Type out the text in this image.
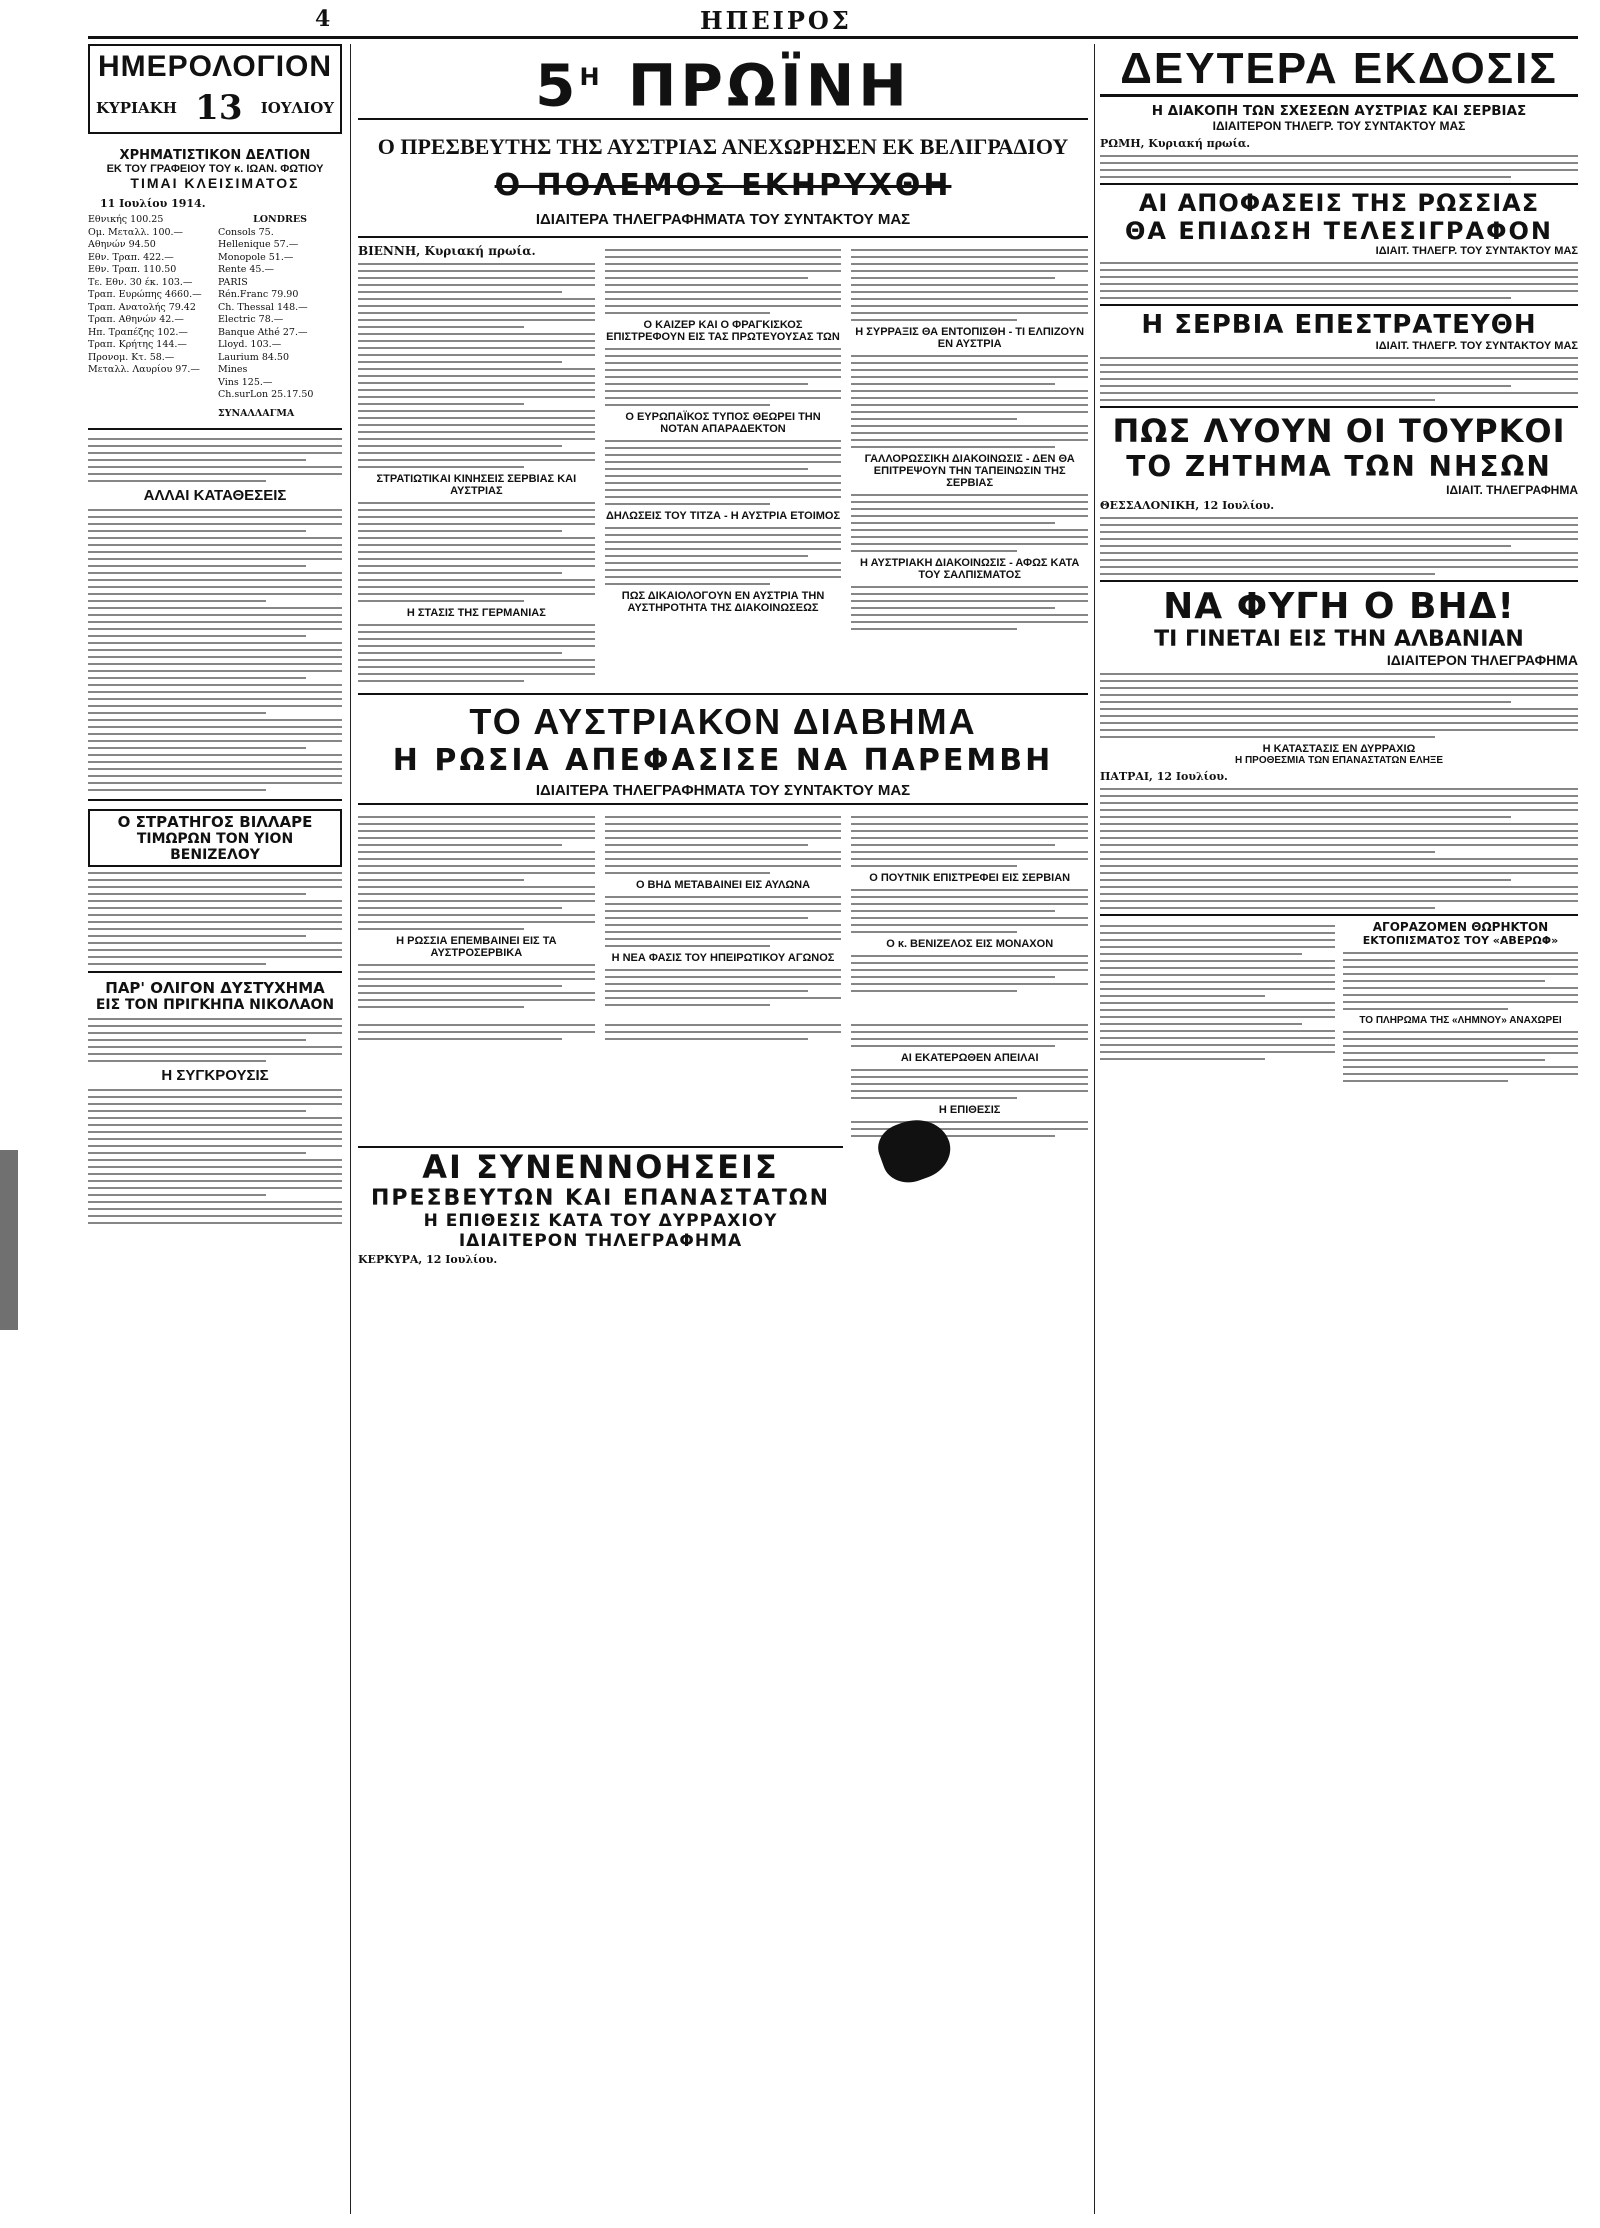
4	ΗΠΕΙΡΟΣ
ΗΜΕΡΟΛΟΓΙΟΝ
ΚΥΡΙΑΚΗ 13 ΙΟΥΛΙΟΥ
ΧΡΗΜΑΤΙΣΤΙΚΟΝ ΔΕΛΤΙΟΝ
ΕΚ ΤΟΥ ΓΡΑΦΕΙΟΥ ΤΟΥ κ. ΙΩΑΝ. ΦΩΤΙΟΥ
ΤΙΜΑΙ ΚΛΕΙΣΙΜΑΤΟΣ
11 Ιουλίου 1914.
Εθνικής 100.25
Ομ. Μεταλλ. 100.—
Αθηνών 94.50
Εθν. Τραπ. 422.—
Εθν. Τραπ. 110.50
Τε. Εθν. 30 έκ. 103.—
Τραπ. Ευρώπης 4660.—
Τραπ. Ανατολής 79.42
Τραπ. Αθηνών 42.—
Ηπ. Τραπέζης 102.—
Τραπ. Κρήτης 144.—
Προνομ. Κτ. 58.—
Μεταλλ. Λαυρίου 97.—
LONDRES
Consols 75.
Hellenique 57.—
Monopole 51.—
Rente 45.—
PARIS
Rén.Franc 79.90
Ch. Thessal 148.—
Electric 78.—
Banque Athé 27.—
Lloyd. 103.—
Laurium 84.50
Mines
Vins 125.—
Ch.surLon 25.17.50
ΣΥΝΑΛΛΑΓΜΑ
ΑΛΛΑΙ ΚΑΤΑΘΕΣΕΙΣ
Ο ΣΤΡΑΤΗΓΟΣ ΒΙΛΛΑΡΕ
ΤΙΜΩΡΩΝ ΤΟΝ ΥΙΟΝ ΒΕΝΙΖΕΛΟΥ
ΠΑΡ' ΟΛΙΓΟΝ ΔΥΣΤΥΧΗΜΑ
ΕΙΣ ΤΟΝ ΠΡΙΓΚΗΠΑ ΝΙΚΟΛΑΟΝ
Η ΣΥΓΚΡΟΥΣΙΣ
$5^H$ ΠΡΩΪΝΗ
Ο ΠΡΕΣΒΕΥΤΗΣ ΤΗΣ ΑΥΣΤΡΙΑΣ ΑΝΕΧΩΡΗΣΕΝ ΕΚ ΒΕΛΙΓΡΑΔΙΟΥ
Ο ΠΟΛΕΜΟΣ ΕΚΗΡΥΧΘΗ
ΙΔΙΑΙΤΕΡΑ ΤΗΛΕΓΡΑΦΗΜΑΤΑ ΤΟΥ ΣΥΝΤΑΚΤΟΥ ΜΑΣ
ΒΙΕΝΝΗ, Κυριακή πρωία.
ΣΤΡΑΤΙΩΤΙΚΑΙ ΚΙΝΗΣΕΙΣ ΣΕΡΒΙΑΣ ΚΑΙ ΑΥΣΤΡΙΑΣ
Η ΣΤΑΣΙΣ ΤΗΣ ΓΕΡΜΑΝΙΑΣ
Ο ΚΑΙΖΕΡ ΚΑΙ Ο ΦΡΑΓΚΙΣΚΟΣ ΕΠΙΣΤΡΕΦΟΥΝ ΕΙΣ ΤΑΣ ΠΡΩΤΕΥΟΥΣΑΣ ΤΩΝ
Ο ΕΥΡΩΠΑΪΚΟΣ ΤΥΠΟΣ ΘΕΩΡΕΙ ΤΗΝ ΝΟΤΑΝ ΑΠΑΡΑΔΕΚΤΟΝ
ΔΗΛΩΣΕΙΣ ΤΟΥ ΤΙΤΖΑ - Η ΑΥΣΤΡΙΑ ΕΤΟΙΜΟΣ
ΠΩΣ ΔΙΚΑΙΟΛΟΓΟΥΝ ΕΝ ΑΥΣΤΡΙΑ ΤΗΝ ΑΥΣΤΗΡΟΤΗΤΑ ΤΗΣ ΔΙΑΚΟΙΝΩΣΕΩΣ
Η ΣΥΡΡΑΞΙΣ ΘΑ ΕΝΤΟΠΙΣΘΗ - ΤΙ ΕΛΠΙΖΟΥΝ ΕΝ ΑΥΣΤΡΙΑ
ΓΑΛΛΟΡΩΣΣΙΚΗ ΔΙΑΚΟΙΝΩΣΙΣ - ΔΕΝ ΘΑ ΕΠΙΤΡΕΨΟΥΝ ΤΗΝ ΤΑΠΕΙΝΩΣΙΝ ΤΗΣ ΣΕΡΒΙΑΣ
Η ΑΥΣΤΡΙΑΚΗ ΔΙΑΚΟΙΝΩΣΙΣ - ΑΦΩΣ ΚΑΤΑ ΤΟΥ ΣΑΛΠΙΣΜΑΤΟΣ
ΤΟ ΑΥΣΤΡΙΑΚΟΝ ΔΙΑΒΗΜΑ
Η ΡΩΣΙΑ ΑΠΕΦΑΣΙΣΕ ΝΑ ΠΑΡΕΜΒΗ
ΙΔΙΑΙΤΕΡΑ ΤΗΛΕΓΡΑΦΗΜΑΤΑ ΤΟΥ ΣΥΝΤΑΚΤΟΥ ΜΑΣ
Η ΡΩΣΣΙΑ ΕΠΕΜΒΑΙΝΕΙ ΕΙΣ ΤΑ ΑΥΣΤΡΟΣΕΡΒΙΚΑ
Ο ΒΗΔ ΜΕΤΑΒΑΙΝΕΙ ΕΙΣ ΑΥΛΩΝΑ
Η ΝΕΑ ΦΑΣΙΣ ΤΟΥ ΗΠΕΙΡΩΤΙΚΟΥ ΑΓΩΝΟΣ
Ο ΠΟΥΤΝΙΚ ΕΠΙΣΤΡΕΦΕΙ ΕΙΣ ΣΕΡΒΙΑΝ
Ο κ. ΒΕΝΙΖΕΛΟΣ ΕΙΣ ΜΟΝΑΧΟΝ
ΑΙ ΕΚΑΤΕΡΩΘΕΝ ΑΠΕΙΛΑΙ
Η ΕΠΙΘΕΣΙΣ
ΑΙ ΣΥΝΕΝΝΟΗΣΕΙΣ
ΠΡΕΣΒΕΥΤΩΝ ΚΑΙ ΕΠΑΝΑΣΤΑΤΩΝ
Η ΕΠΙΘΕΣΙΣ ΚΑΤΑ ΤΟΥ ΔΥΡΡΑΧΙΟΥ
ΙΔΙΑΙΤΕΡΟΝ ΤΗΛΕΓΡΑΦΗΜΑ
ΚΕΡΚΥΡΑ, 12 Ιουλίου.
ΔΕΥΤΕΡΑ ΕΚΔΟΣΙΣ
Η ΔΙΑΚΟΠΗ ΤΩΝ ΣΧΕΣΕΩΝ ΑΥΣΤΡΙΑΣ ΚΑΙ ΣΕΡΒΙΑΣ
ΙΔΙΑΙΤΕΡΟΝ ΤΗΛΕΓΡ. ΤΟΥ ΣΥΝΤΑΚΤΟΥ ΜΑΣ
ΡΩΜΗ, Κυριακή πρωία.
ΑΙ ΑΠΟΦΑΣΕΙΣ ΤΗΣ ΡΩΣΣΙΑΣ
ΘΑ ΕΠΙΔΩΣΗ ΤΕΛΕΣΙΓΡΑΦΟΝ
ΙΔΙΑΙΤ. ΤΗΛΕΓΡ. ΤΟΥ ΣΥΝΤΑΚΤΟΥ ΜΑΣ
Η ΣΕΡΒΙΑ ΕΠΕΣΤΡΑΤΕΥΘΗ
ΙΔΙΑΙΤ. ΤΗΛΕΓΡ. ΤΟΥ ΣΥΝΤΑΚΤΟΥ ΜΑΣ
ΠΩΣ ΛΥΟΥΝ ΟΙ ΤΟΥΡΚΟΙ
ΤΟ ΖΗΤΗΜΑ ΤΩΝ ΝΗΣΩΝ
ΙΔΙΑΙΤ. ΤΗΛΕΓΡΑΦΗΜΑ
ΘΕΣΣΑΛΟΝΙΚΗ, 12 Ιουλίου.
ΝΑ ΦΥΓΗ Ο ΒΗΔ!
ΤΙ ΓΙΝΕΤΑΙ ΕΙΣ ΤΗΝ ΑΛΒΑΝΙΑΝ
ΙΔΙΑΙΤΕΡΟΝ ΤΗΛΕΓΡΑΦΗΜΑ
Η ΚΑΤΑΣΤΑΣΙΣ ΕΝ ΔΥΡΡΑΧΙΩ
Η ΠΡΟΘΕΣΜΙΑ ΤΩΝ ΕΠΑΝΑΣΤΑΤΩΝ ΕΛΗΞΕ
ΠΑΤΡΑΙ, 12 Ιουλίου.
ΑΓΟΡΑΖΟΜΕΝ ΘΩΡΗΚΤΟΝ
ΕΚΤΟΠΙΣΜΑΤΟΣ ΤΟΥ «ΑΒΕΡΩΦ»
ΤΟ ΠΛΗΡΩΜΑ ΤΗΣ «ΛΗΜΝΟΥ» ΑΝΑΧΩΡΕΙ
